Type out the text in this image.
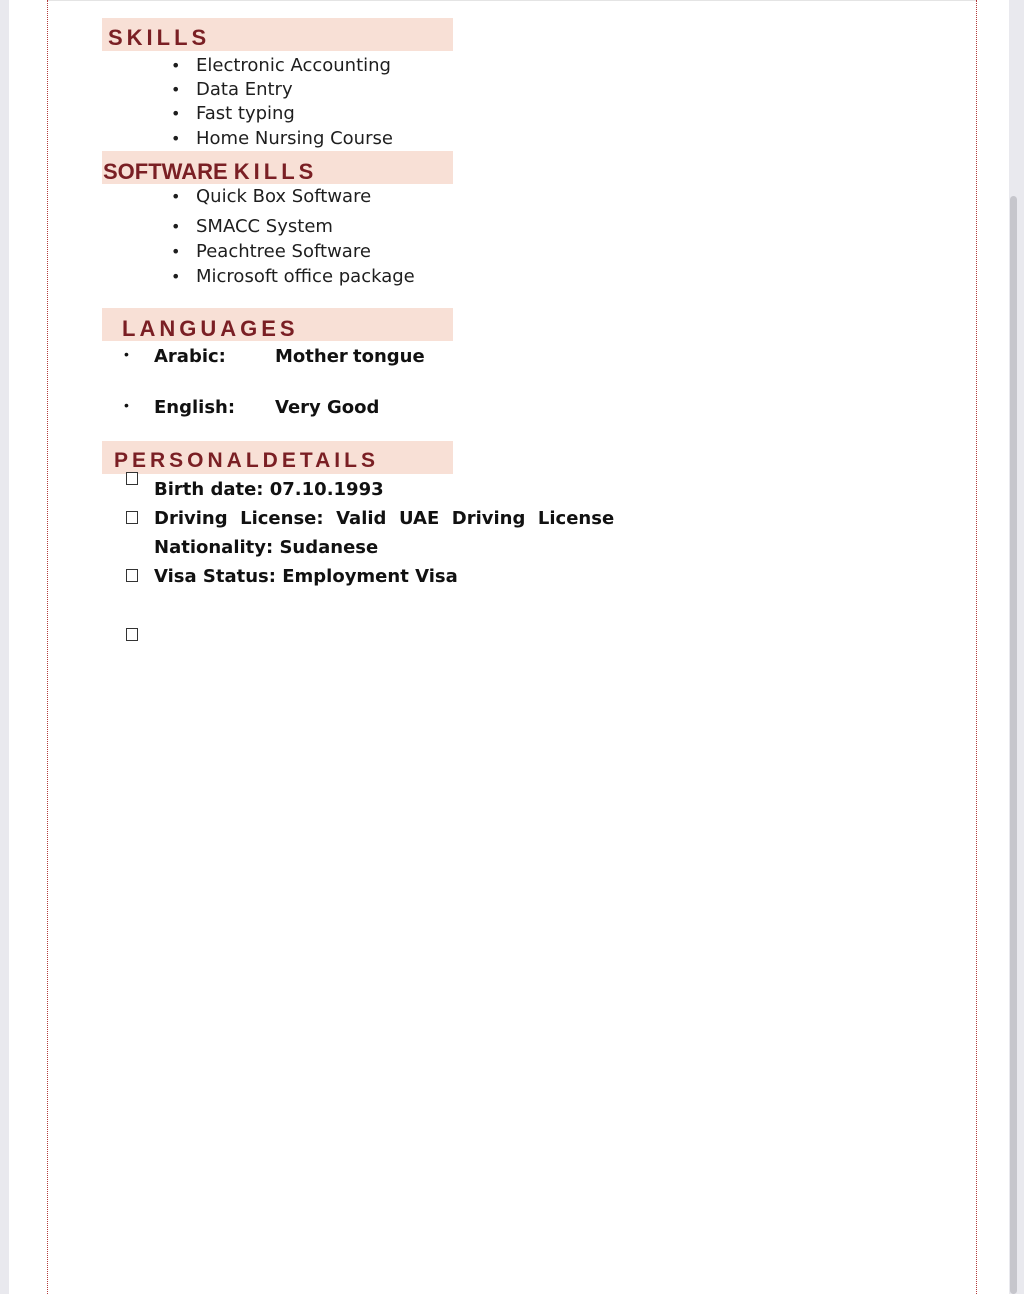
SKILLS
• Electronic Accounting
• Data Entry
• Fast typing
• Home Nursing Course
SOFTWARE KILLS
• Quick Box Software
• SMACC System
• Peachtree Software
• Microsoft office package
LANGUAGES
• Arabic:	Mother tongue
• English: Very Good
PERSONALDETAILS
Birth date: 07.10.1993
Driving  License:  Valid  UAE  Driving  License
Nationality: Sudanese
Visa Status: Employment Visa
